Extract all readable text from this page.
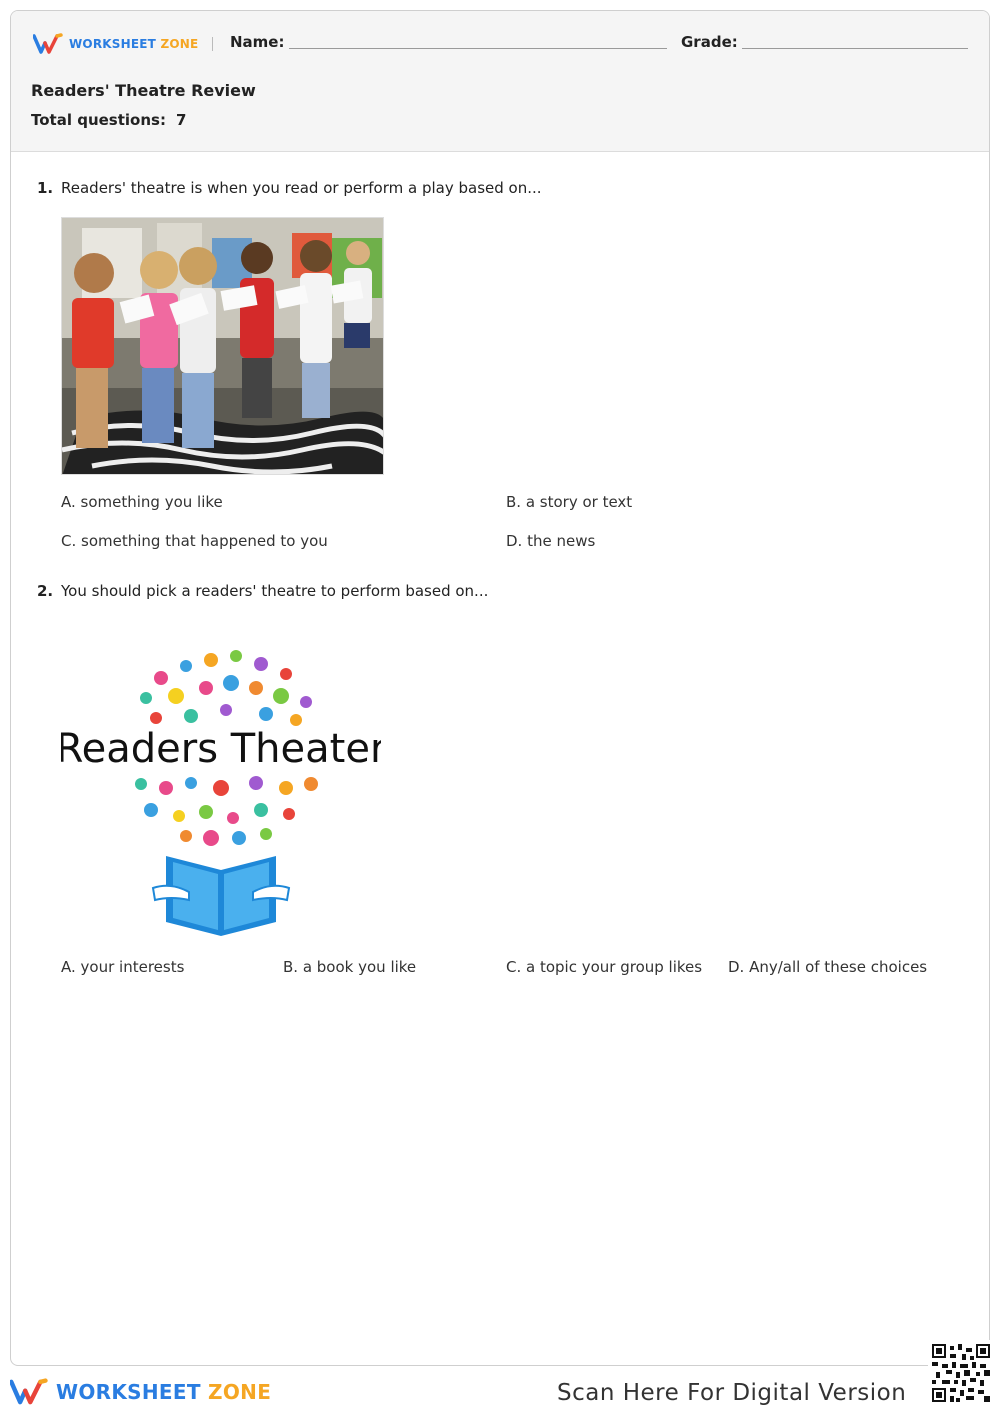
WORKSHEET ZONE Name:	Grade:
Readers' Theatre Review
Total questions: 7
1. Readers' theatre is when you read or perform a play based on...
A. something you like	B. a story or text
C. something that happened to you	D. the news
2. You should pick a readers' theatre to perform based on...
Readers Theater
A. your interests	B. a book you like	C. a topic your group likes D. Any/all of these choices
WORKSHEET ZONE	Scan Here For Digital Version
